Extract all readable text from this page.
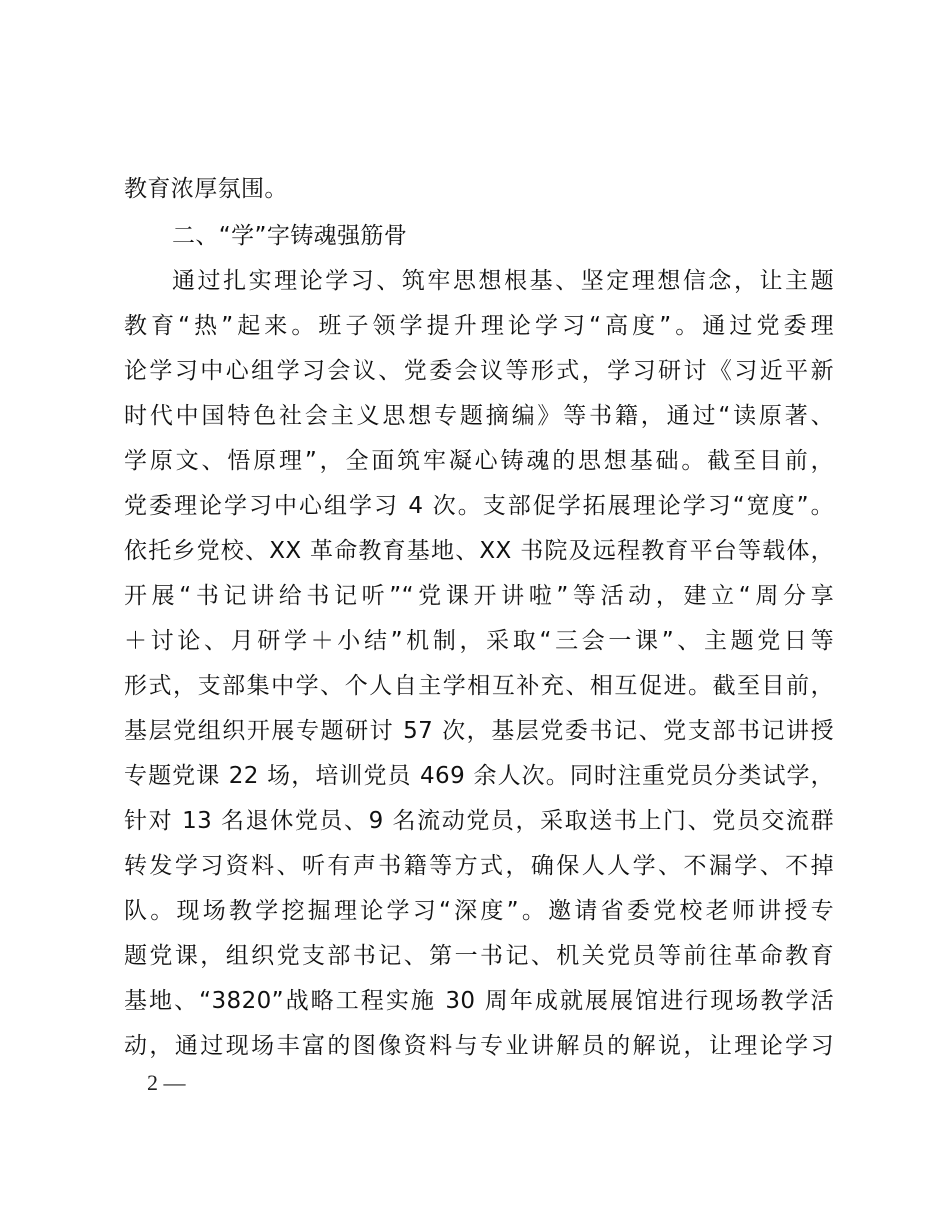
教育浓厚氛围。
二、“学”字铸魂强筋骨
通过扎实理论学习、筑牢思想根基、坚定理想信念，让主题
教育“热”起来。班子领学提升理论学习“高度”。通过党委理
论学习中心组学习会议、党委会议等形式，学习研讨《习近平新
时代中国特色社会主义思想专题摘编》等书籍，通过“读原著、
学原文、悟原理”，全面筑牢凝心铸魂的思想基础。截至目前，
党委理论学习中心组学习 4 次。支部促学拓展理论学习“宽度”。
依托乡党校、XX 革命教育基地、XX 书院及远程教育平台等载体，
开展“书记讲给书记听”“党课开讲啦”等活动，建立“周分享
＋讨论、月研学＋小结”机制，采取“三会一课”、主题党日等
形式，支部集中学、个人自主学相互补充、相互促进。截至目前，
基层党组织开展专题研讨 57 次，基层党委书记、党支部书记讲授
专题党课 22 场，培训党员 469 余人次。同时注重党员分类试学，
针对 13 名退休党员、9 名流动党员，采取送书上门、党员交流群
转发学习资料、听有声书籍等方式，确保人人学、不漏学、不掉
队。现场教学挖掘理论学习“深度”。邀请省委党校老师讲授专
题党课，组织党支部书记、第一书记、机关党员等前往革命教育
基地、“3820”战略工程实施 30 周年成就展展馆进行现场教学活
动，通过现场丰富的图像资料与专业讲解员的解说，让理论学习
2 —
